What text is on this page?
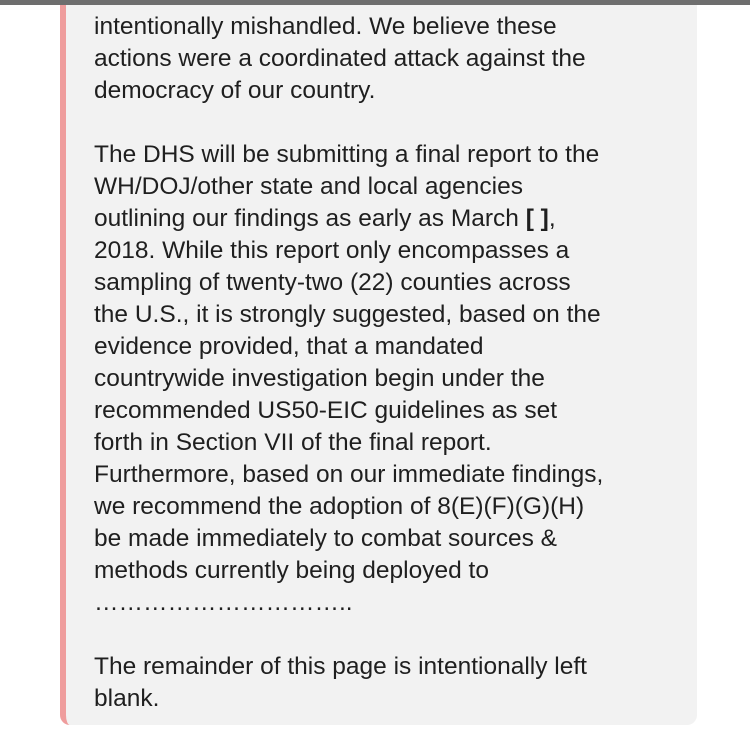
intentionally mishandled. We believe these

actions were a coordinated attack against the

democracy of our country.

The DHS will be submitting a final report to the

WH/DOJ/other state and local agencies

outlining our findings as early as March [ ],

2018. While this report only encompasses a

sampling of twenty-two (22) counties across

the U.S., it is strongly suggested, based on the

evidence provided, that a mandated

countrywide investigation begin under the

recommended US50-EIC guidelines as set

forth in Section VII of the final report.

Furthermore, based on our immediate findings,

we recommend the adoption of 8(E)(F)(G)(H)

be made immediately to combat sources &

methods currently being deployed to

…………………………..

The remainder of this page is intentionally left

blank.
